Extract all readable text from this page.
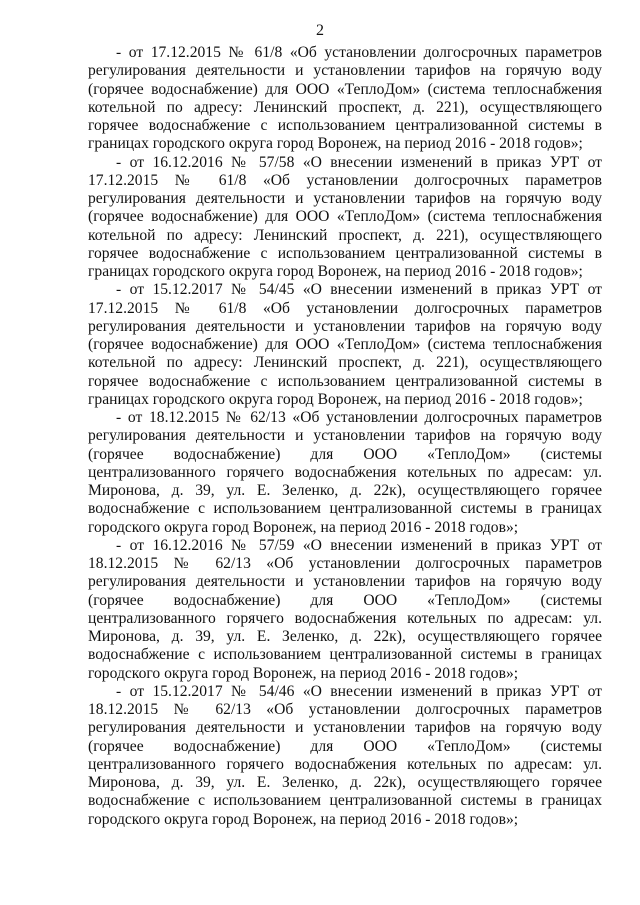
2

- от 17.12.2015 № 61/8 «Об установлении долгосрочных параметров регулирования деятельности и установлении тарифов на горячую воду (горячее водоснабжение) для ООО «ТеплоДом» (система теплоснабжения котельной по адресу: Ленинский проспект, д. 221), осуществляющего горячее водоснабжение с использованием централизованной системы в границах городского округа город Воронеж, на период 2016 - 2018 годов»;

- от 16.12.2016 № 57/58 «О внесении изменений в приказ УРТ от 17.12.2015 № 61/8 «Об установлении долгосрочных параметров регулирования деятельности и установлении тарифов на горячую воду (горячее водоснабжение) для ООО «ТеплоДом» (система теплоснабжения котельной по адресу: Ленинский проспект, д. 221), осуществляющего горячее водоснабжение с использованием централизованной системы в границах городского округа город Воронеж, на период 2016 - 2018 годов»;

- от 15.12.2017 № 54/45 «О внесении изменений в приказ УРТ от 17.12.2015 № 61/8 «Об установлении долгосрочных параметров регулирования деятельности и установлении тарифов на горячую воду (горячее водоснабжение) для ООО «ТеплоДом» (система теплоснабжения котельной по адресу: Ленинский проспект, д. 221), осуществляющего горячее водоснабжение с использованием централизованной системы в границах городского округа город Воронеж, на период 2016 - 2018 годов»;

- от 18.12.2015 № 62/13 «Об установлении долгосрочных параметров регулирования деятельности и установлении тарифов на горячую воду (горячее водоснабжение) для ООО «ТеплоДом» (системы централизованного горячего водоснабжения котельных по адресам: ул. Миронова, д. 39, ул. Е. Зеленко, д. 22к), осуществляющего горячее водоснабжение с использованием централизованной системы в границах городского округа город Воронеж, на период 2016 - 2018 годов»;

- от 16.12.2016 № 57/59 «О внесении изменений в приказ УРТ от 18.12.2015 № 62/13 «Об установлении долгосрочных параметров регулирования деятельности и установлении тарифов на горячую воду (горячее водоснабжение) для ООО «ТеплоДом» (системы централизованного горячего водоснабжения котельных по адресам: ул. Миронова, д. 39, ул. Е. Зеленко, д. 22к), осуществляющего горячее водоснабжение с использованием централизованной системы в границах городского округа город Воронеж, на период 2016 - 2018 годов»;

- от 15.12.2017 № 54/46 «О внесении изменений в приказ УРТ от 18.12.2015 № 62/13 «Об установлении долгосрочных параметров регулирования деятельности и установлении тарифов на горячую воду (горячее водоснабжение) для ООО «ТеплоДом» (системы централизованного горячего водоснабжения котельных по адресам: ул. Миронова, д. 39, ул. Е. Зеленко, д. 22к), осуществляющего горячее водоснабжение с использованием централизованной системы в границах городского округа город Воронеж, на период 2016 - 2018 годов»;
